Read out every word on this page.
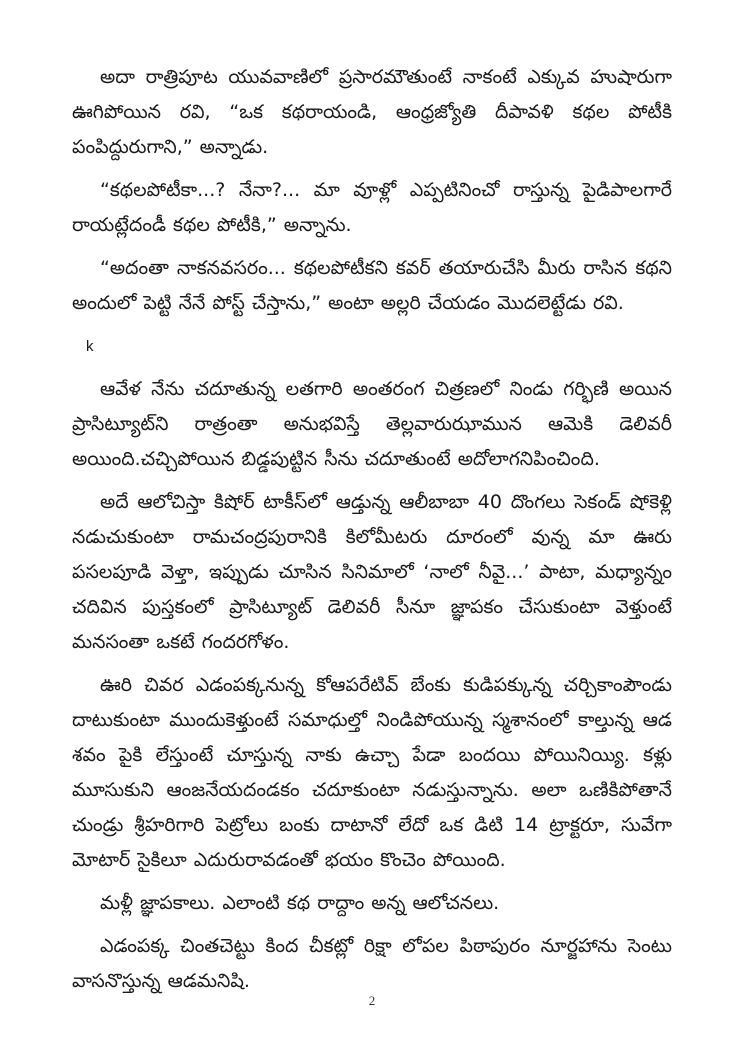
అదా రాత్రిపూట యువవాణిలో ప్రసారమౌతుంటే నాకంటే ఎక్కువ హుషారుగా ఊగిపోయిన రవి, “ఒక కథరాయండి, ఆంధ్రజ్యోతి దీపావళి కథల పోటీకి పంపిద్దురుగాని,” అన్నాడు.

“కథలపోటీకా...? నేనా?... మా వూళ్లో ఎప్పటినించో రాస్తున్న పైడిపాలగారే రాయట్లేదండీ కథల పోటీకి,” అన్నాను.

“అదంతా నాకనవసరం... కథలపోటీకని కవర్ తయారుచేసి మీరు రాసిన కథని అందులో పెట్టి నేనే పోస్ట్ చేస్తాను,” అంటా అల్లరి చేయడం మొదలెట్టేడు రవి.

k

ఆవేళ నేను చదూతున్న లతగారి అంతరంగ చిత్రణలో నిండు గర్భిణి అయిన ప్రాసిట్యూట్‌ని రాత్రంతా అనుభవిస్తే తెల్లవారుఝామున ఆమెకి డెలివరీ అయింది.చచ్చిపోయిన బిడ్డపుట్టిన సీను చదూతుంటే అదోలాగనిపించింది.

అదే ఆలోచిస్తా కిషోర్ టాకీస్‌లో ఆడ్తున్న ఆలీబాబా 40 దొంగలు సెకండ్ షోకెళ్లి నడుచుకుంటా రామచంద్రపురానికి కిలోమీటరు దూరంలో వున్న మా ఊరు పసలపూడి వెళ్తా, ఇప్పుడు చూసిన సినిమాలో ‘నాలో నీవై...’ పాటా, మధ్యాన్నం చదివిన పుస్తకంలో ప్రాసిట్యూట్ డెలివరీ సీనూ జ్ఞాపకం చేసుకుంటా వెళ్తుంటే మనసంతా ఒకటే గందరగోళం.

ఊరి చివర ఎడంపక్కనున్న కోఆపరేటివ్ బేంకు కుడిపక్కున్న చర్చికాంపౌండు దాటుకుంటా ముందుకెళ్తుంటే సమాధుల్తో నిండిపోయున్న స్మశానంలో కాల్తున్న ఆడ శవం పైకి లేస్తుంటే చూస్తున్న నాకు ఉచ్చా పేడా బందయి పోయినియ్యి. కళ్లు మూసుకుని ఆంజనేయదండకం చదూకుంటా నడుస్తున్నాను. అలా ఒణికిపోతానే చుండ్రు శ్రీహరిగారి పెట్రోలు బంకు దాటానో లేదో ఒక డిటి 14 ట్రాక్టరూ, సువేగా మోటార్ సైకిలూ ఎదురురావడంతో భయం కొంచెం పోయింది.

మళ్లీ జ్ఞాపకాలు. ఎలాంటి కథ రాద్దాం అన్న ఆలోచనలు.

ఎడంపక్క చింతచెట్టు కింద చీకట్లో రిక్షా లోపల పిఠాపురం నూర్జహాను సెంటు వాసనొస్తున్న ఆడమనిషి.

2
